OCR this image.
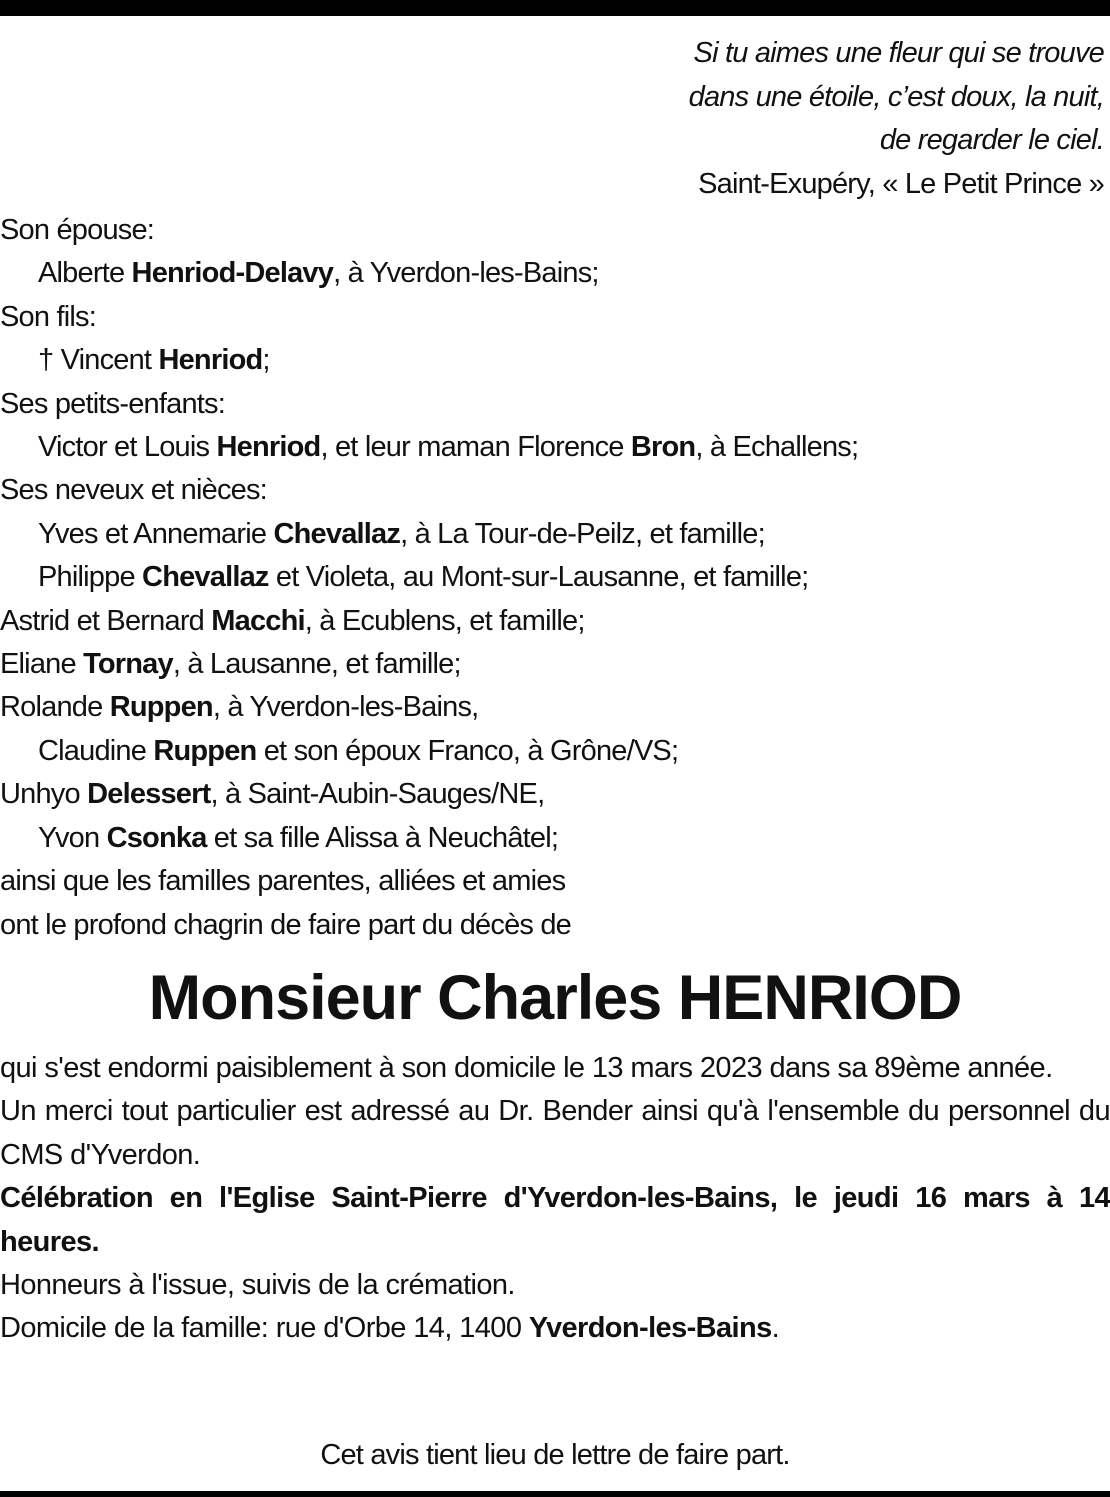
Si tu aimes une fleur qui se trouve
dans une étoile, c’est doux, la nuit,
de regarder le ciel.
Saint-Exupéry, « Le Petit Prince »
Son épouse:
Alberte Henriod-Delavy, à Yverdon-les-Bains;
Son fils:
† Vincent Henriod;
Ses petits-enfants:
Victor et Louis Henriod, et leur maman Florence Bron, à Echallens;
Ses neveux et nièces:
Yves et Annemarie Chevallaz, à La Tour-de-Peilz, et famille;
Philippe Chevallaz et Violeta, au Mont-sur-Lausanne, et famille;
Astrid et Bernard Macchi, à Ecublens, et famille;
Eliane Tornay, à Lausanne, et famille;
Rolande Ruppen, à Yverdon-les-Bains,
Claudine Ruppen et son époux Franco, à Grône/VS;
Unhyo Delessert, à Saint-Aubin-Sauges/NE,
Yvon Csonka et sa fille Alissa à Neuchâtel;
ainsi que les familles parentes, alliées et amies
ont le profond chagrin de faire part du décès de
Monsieur Charles HENRIOD
qui s'est endormi paisiblement à son domicile le 13 mars 2023 dans sa 89ème année.
Un merci tout particulier est adressé au Dr. Bender ainsi qu'à l'ensemble du personnel du CMS d'Yverdon.
Célébration en l'Eglise Saint-Pierre d'Yverdon-les-Bains, le jeudi 16 mars à 14 heures.
Honneurs à l'issue, suivis de la crémation.
Domicile de la famille: rue d'Orbe 14, 1400 Yverdon-les-Bains.
Cet avis tient lieu de lettre de faire part.
